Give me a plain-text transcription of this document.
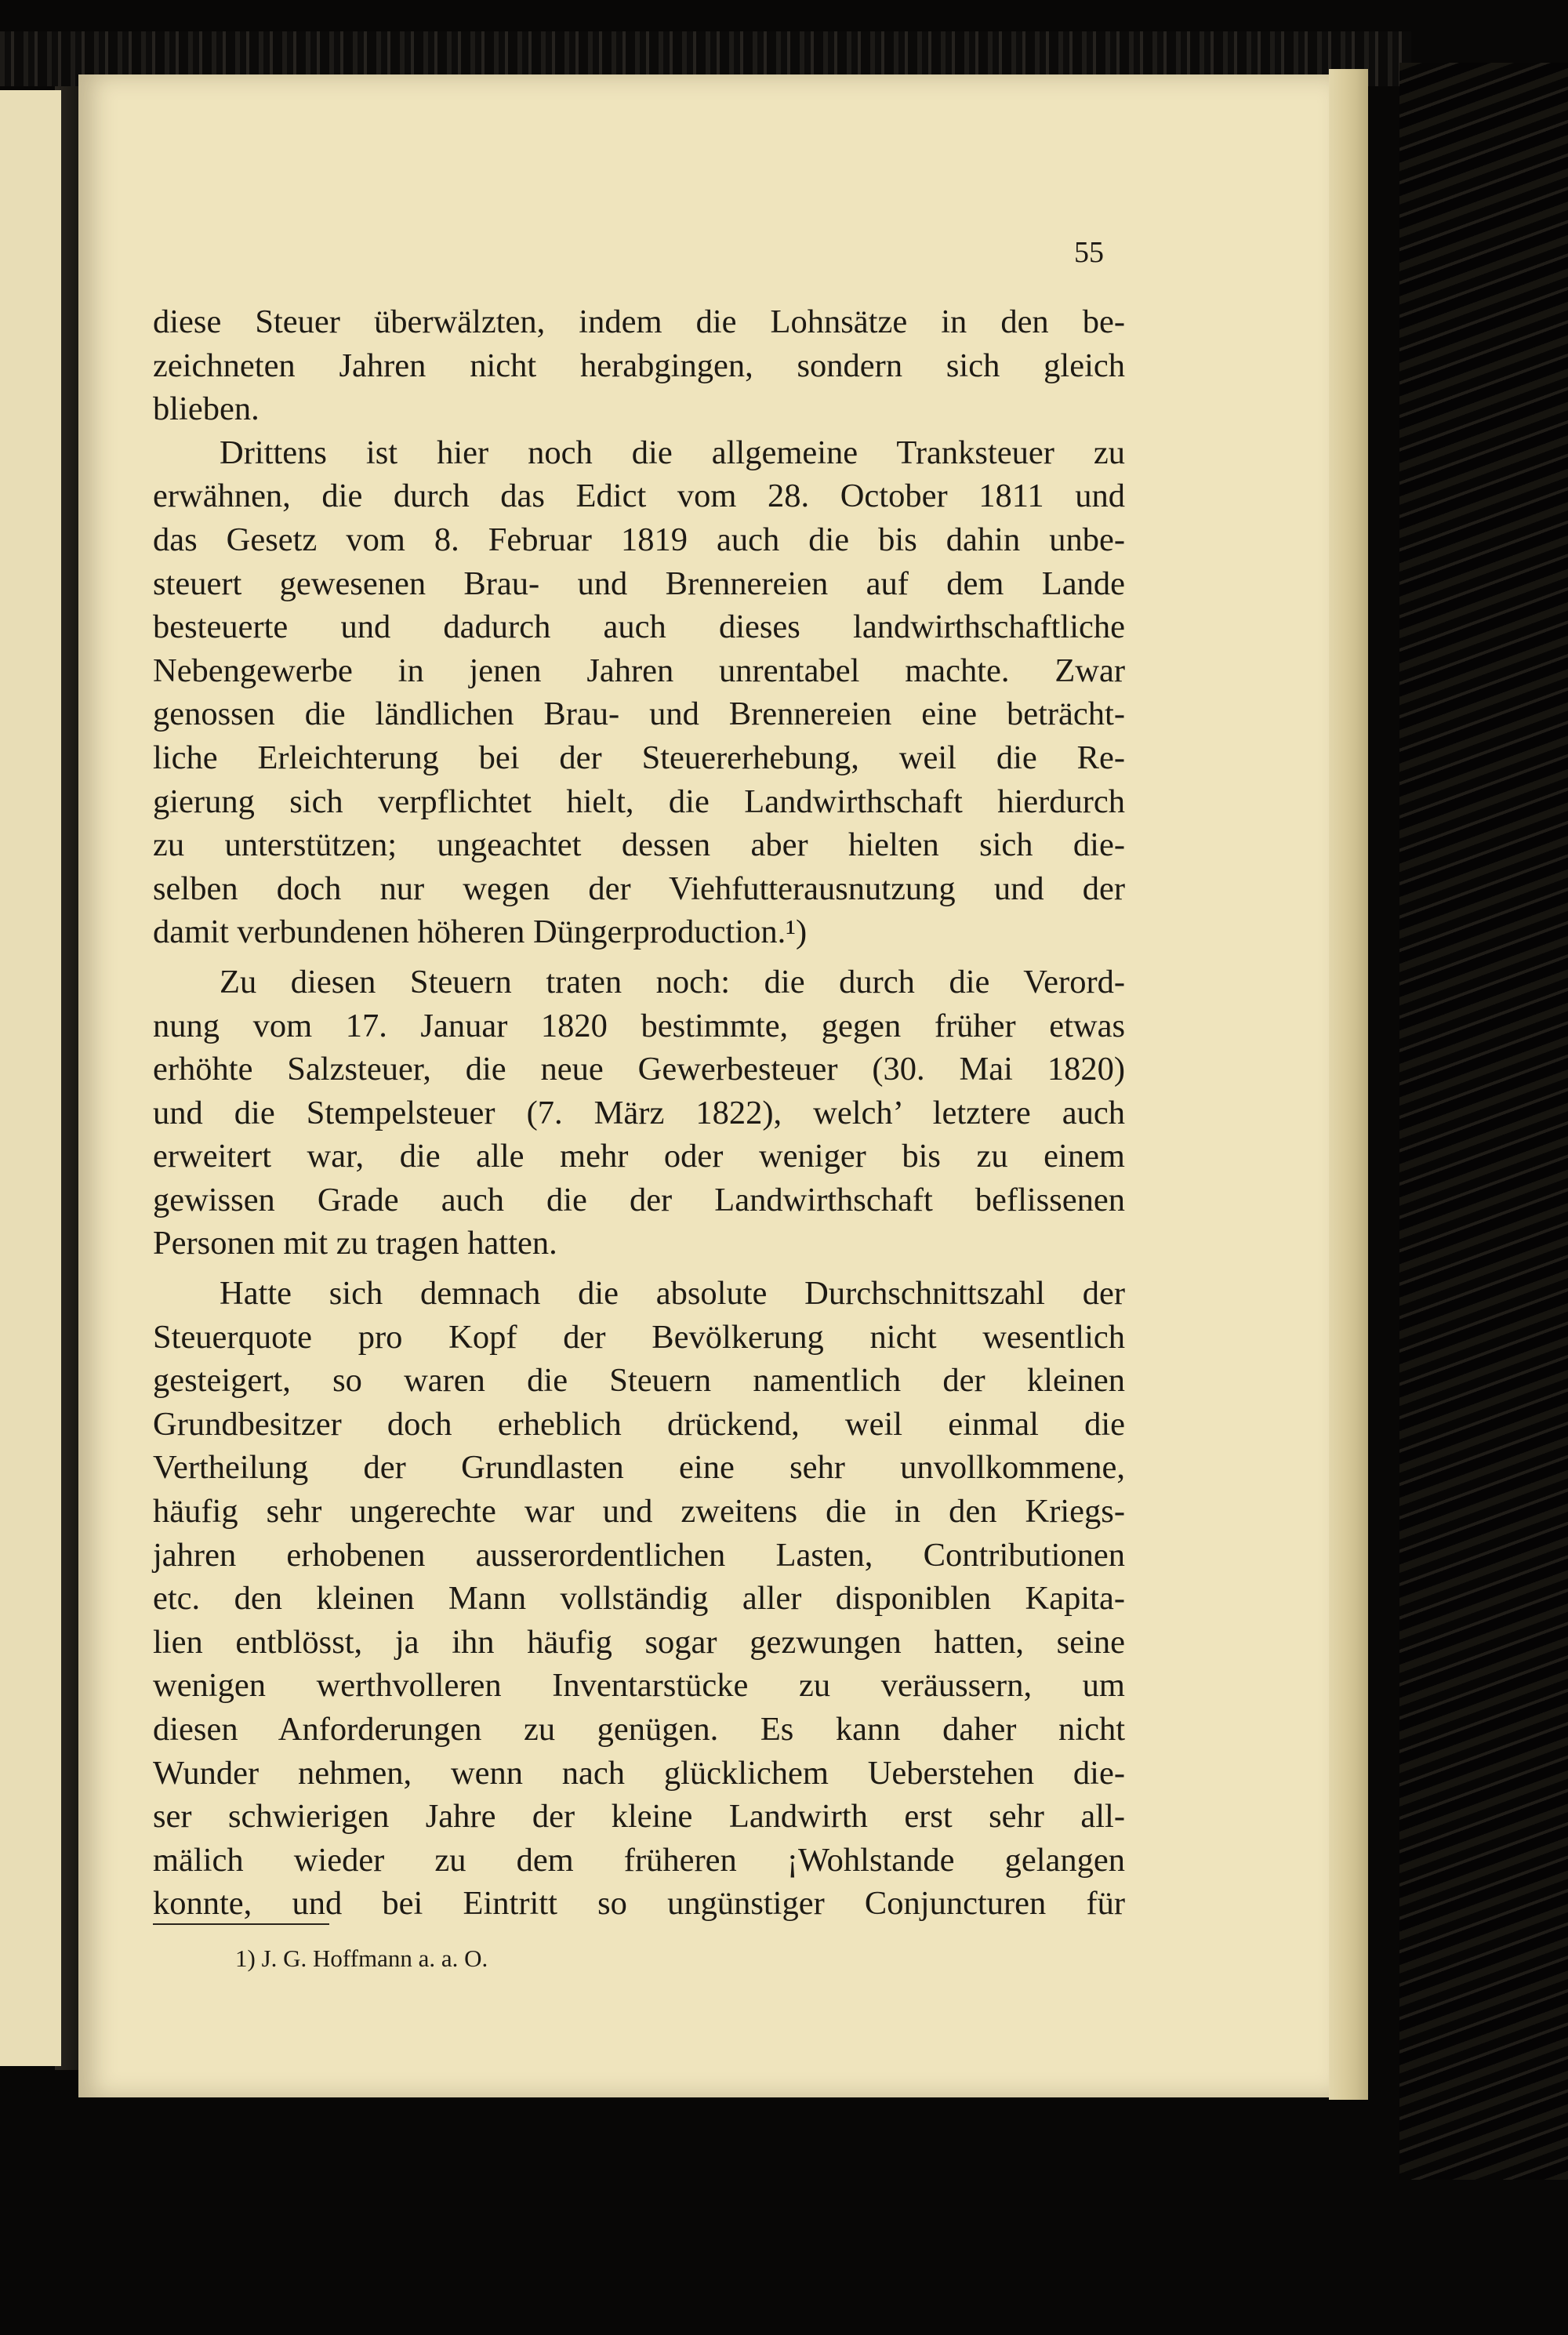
55
diese Steuer überwälzten, indem die Lohnsätze in den be-
zeichneten Jahren nicht herabgingen, sondern sich gleich
blieben.
Drittens ist hier noch die allgemeine Tranksteuer zu
erwähnen, die durch das Edict vom 28. October 1811 und
das Gesetz vom 8. Februar 1819 auch die bis dahin unbe-
steuert gewesenen Brau- und Brennereien auf dem Lande
besteuerte und dadurch auch dieses landwirthschaftliche
Nebengewerbe in jenen Jahren unrentabel machte. Zwar
genossen die ländlichen Brau- und Brennereien eine beträcht-
liche Erleichterung bei der Steuererhebung, weil die Re-
gierung sich verpflichtet hielt, die Landwirthschaft hierdurch
zu unterstützen; ungeachtet dessen aber hielten sich die-
selben doch nur wegen der Viehfutterausnutzung und der
damit verbundenen höheren Düngerproduction.¹)
Zu diesen Steuern traten noch: die durch die Verord-
nung vom 17. Januar 1820 bestimmte, gegen früher etwas
erhöhte Salzsteuer, die neue Gewerbesteuer (30. Mai 1820)
und die Stempelsteuer (7. März 1822), welch’ letztere auch
erweitert war, die alle mehr oder weniger bis zu einem
gewissen Grade auch die der Landwirthschaft beflissenen
Personen mit zu tragen hatten.
Hatte sich demnach die absolute Durchschnittszahl der
Steuerquote pro Kopf der Bevölkerung nicht wesentlich
gesteigert, so waren die Steuern namentlich der kleinen
Grundbesitzer doch erheblich drückend, weil einmal die
Vertheilung der Grundlasten eine sehr unvollkommene,
häufig sehr ungerechte war und zweitens die in den Kriegs-
jahren erhobenen ausserordentlichen Lasten, Contributionen
etc. den kleinen Mann vollständig aller disponiblen Kapita-
lien entblösst, ja ihn häufig sogar gezwungen hatten, seine
wenigen werthvolleren Inventarstücke zu veräussern, um
diesen Anforderungen zu genügen. Es kann daher nicht
Wunder nehmen, wenn nach glücklichem Ueberstehen die-
ser schwierigen Jahre der kleine Landwirth erst sehr all-
mälich wieder zu dem früheren ¡Wohlstande gelangen
konnte, und bei Eintritt so ungünstiger Conjuncturen für
1) J. G. Hoffmann a. a. O.
